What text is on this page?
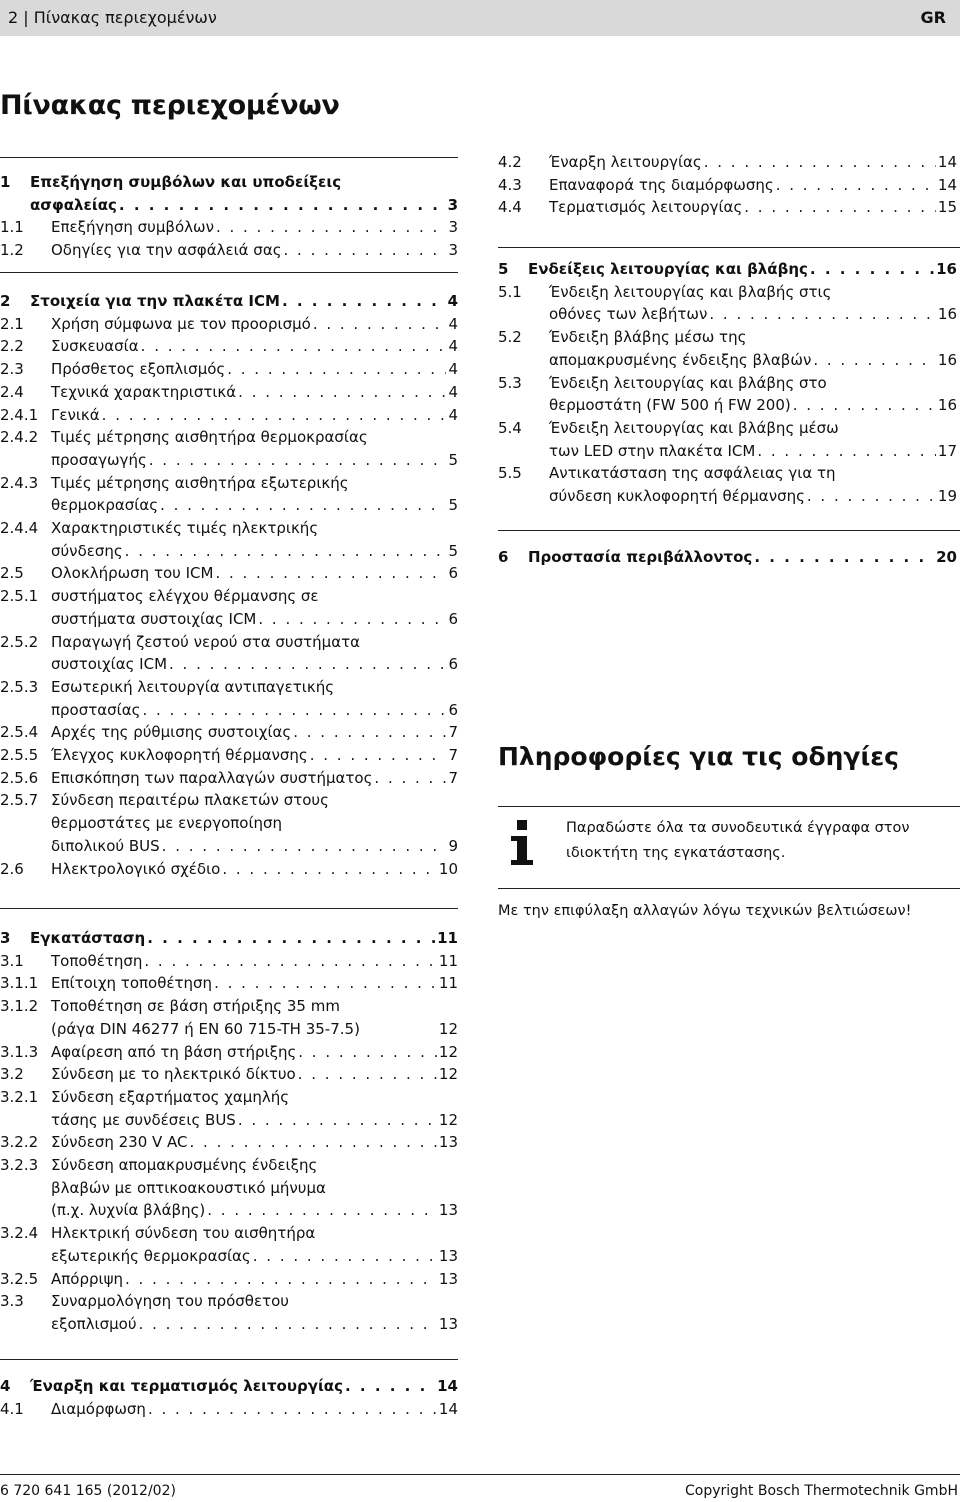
2 | Πίνακας περιεχομένων	GR
Πίνακας περιεχομένων
1	Επεξήγηση συμβόλων και υποδείξεις
ασφαλείας . . .	3
1.1	Επεξήγηση συμβόλων . . .	3
1.2	Οδηγίες για την ασφάλειά σας . . .	3
2	Στοιχεία για την πλακέτα ICM . . .	4
2.1	Χρήση σύμφωνα με τον προορισμό . . .	4
2.2	Συσκευασία . . .	4
2.3	Πρόσθετος εξοπλισμός . . .	4
2.4	Τεχνικά χαρακτηριστικά . . .	4
2.4.1 Γενικά . . .	4
2.4.2 Τιμές μέτρησης αισθητήρα θερμοκρασίας
προσαγωγής . . .	5
2.4.3 Τιμές μέτρησης αισθητήρα εξωτερικής
θερμοκρασίας . . .	5
2.4.4 Χαρακτηριστικές τιμές ηλεκτρικής
σύνδεσης . . .	5
2.5	Ολοκλήρωση του ICM . . .	6
2.5.1 συστήματος ελέγχου θέρμανσης σε
συστήματα συστοιχίας ICM . . .	6
2.5.2 Παραγωγή ζεστού νερού στα συστήματα
συστοιχίας ICM . . .	6
2.5.3 Εσωτερική λειτουργία αντιπαγετικής
προστασίας . . .	6
2.5.4 Αρχές της ρύθμισης συστοιχίας . . .	7
2.5.5 Έλεγχος κυκλοφορητή θέρμανσης . . .	7
2.5.6 Επισκόπηση των παραλλαγών συστήματος . . .	7
2.5.7 Σύνδεση περαιτέρω πλακετών στους
θερμοστάτες με ενεργοποίηση
διπολικού BUS . . .	9
2.6	Ηλεκτρολογικό σχέδιο . . .	10
3	Εγκατάσταση . . .	11
3.1	Τοποθέτηση . . .	11
3.1.1 Επίτοιχη τοποθέτηση . . .	11
3.1.2 Τοποθέτηση σε βάση στήριξης 35 mm
(ράγα DIN 46277 ή EN 60 715-TH 35-7.5)	12
3.1.3 Αφαίρεση από τη βάση στήριξης . . .	12
3.2	Σύνδεση με το ηλεκτρικό δίκτυο . . .	12
3.2.1 Σύνδεση εξαρτήματος χαμηλής
τάσης με συνδέσεις BUS . . .	12
3.2.2 Σύνδεση 230 V AC . . .	13
3.2.3 Σύνδεση απομακρυσμένης ένδειξης
βλαβών με οπτικοακουστικό μήνυμα
(π.χ. λυχνία βλάβης) . . .	13
3.2.4 Ηλεκτρική σύνδεση του αισθητήρα
εξωτερικής θερμοκρασίας . . .	13
3.2.5 Απόρριψη . . .	13
3.3	Συναρμολόγηση του πρόσθετου
εξοπλισμού . . .	13
4	Έναρξη και τερματισμός λειτουργίας . . .	14
4.1	Διαμόρφωση . . .	14
4.2	Έναρξη λειτουργίας . . .	14
4.3	Επαναφορά της διαμόρφωσης . . .	14
4.4	Τερματισμός λειτουργίας . . .	15
5	Ενδείξεις λειτουργίας και βλάβης . . .	16
5.1	Ένδειξη λειτουργίας και βλαβής στις
οθόνες των λεβήτων . . .	16
5.2	Ένδειξη βλάβης μέσω της
απομακρυσμένης ένδειξης βλαβών . . .	16
5.3	Ένδειξη λειτουργίας και βλάβης στο
θερμοστάτη (FW 500 ή FW 200) . . .	16
5.4	Ένδειξη λειτουργίας και βλάβης μέσω
των LED στην πλακέτα ICM . . .	17
5.5	Αντικατάσταση της ασφάλειας για τη
σύνδεση κυκλοφορητή θέρμανσης . . .	19
6	Προστασία περιβάλλοντος . . .	20
Πληροφορίες για τις οδηγίες
Παραδώστε όλα τα συνοδευτικά έγγραφα στον ιδιοκτήτη της εγκατάστασης.
Με την επιφύλαξη αλλαγών λόγω τεχνικών βελτιώσεων!
6 720 641 165 (2012/02)	Copyright Bosch Thermotechnik GmbH
